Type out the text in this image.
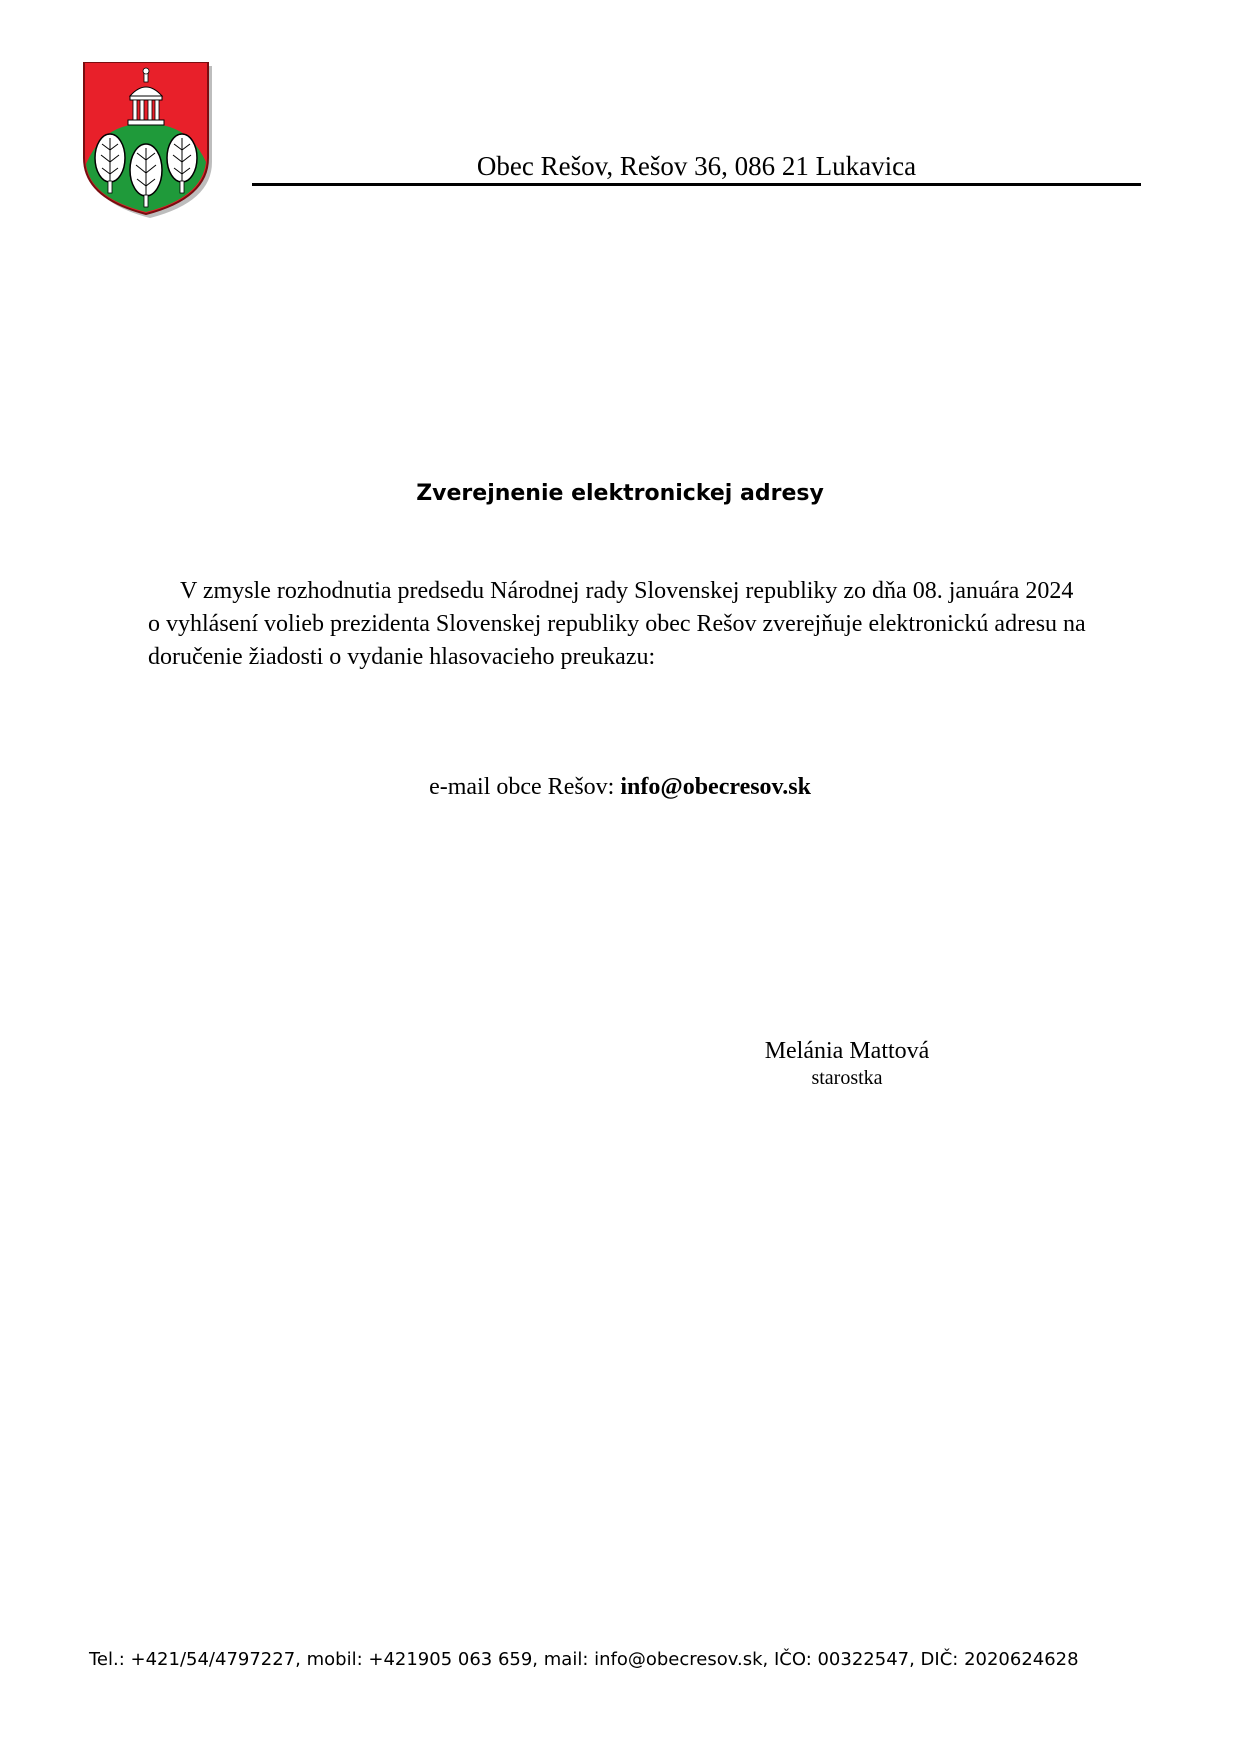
Obec Rešov, Rešov 36, 086 21 Lukavica
Zverejnenie elektronickej adresy
V zmysle rozhodnutia predsedu Národnej rady Slovenskej republiky zo dňa 08. januára 2024
o vyhlásení volieb prezidenta Slovenskej republiky obec Rešov zverejňuje elektronickú adresu na
doručenie žiadosti o vydanie hlasovacieho preukazu:
e-mail obce Rešov: info@obecresov.sk
Melánia Mattová
starostka
Tel.: +421/54/4797227, mobil: +421905 063 659, mail: info@obecresov.sk, IČO: 00322547, DIČ: 2020624628
